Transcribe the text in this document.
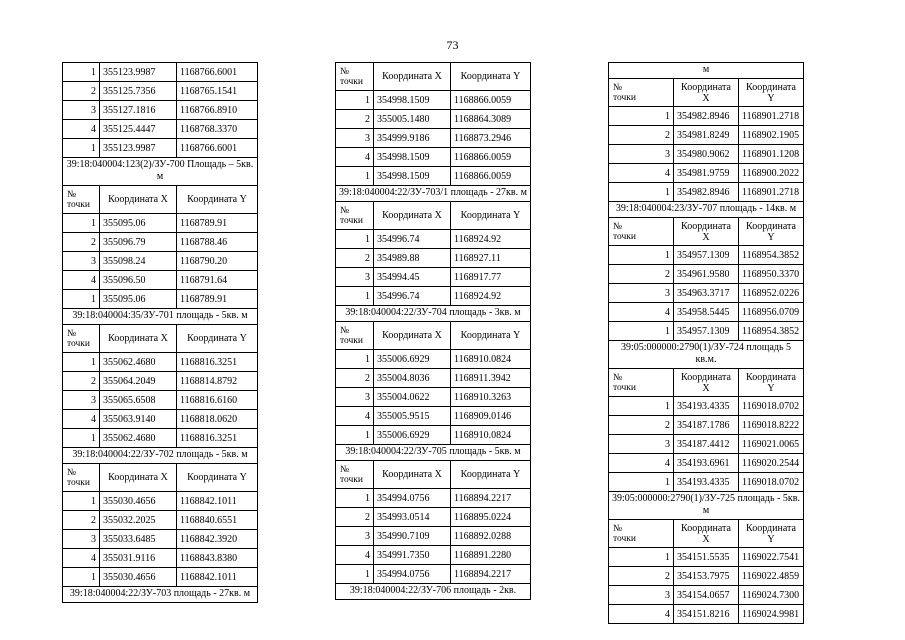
73
1	355123.9987	1168766.6001
2	355125.7356	1168765.1541
3	355127.1816	1168766.8910
4	355125.4447	1168768.3370
1	355123.9987	1168766.6001
39:18:040004:123(2)/ЗУ-700 Площадь – 5кв. м		
№
точки	Координата X	Координата Y
1	355095.06	1168789.91
2	355096.79	1168788.46
3	355098.24	1168790.20
4	355096.50	1168791.64
1	355095.06	1168789.91
39:18:040004:35/ЗУ-701 площадь - 5кв. м		
№
точки	Координата X	Координата Y
1	355062.4680	1168816.3251
2	355064.2049	1168814.8792
3	355065.6508	1168816.6160
4	355063.9140	1168818.0620
1	355062.4680	1168816.3251
39:18:040004:22/ЗУ-702 площадь - 5кв. м		
№
точки	Координата X	Координата Y
1	355030.4656	1168842.1011
2	355032.2025	1168840.6551
3	355033.6485	1168842.3920
4	355031.9116	1168843.8380
1	355030.4656	1168842.1011
39:18:040004:22/ЗУ-703 площадь - 27кв. м		
№
точки	Координата X	Координата Y
1	354998.1509	1168866.0059
2	355005.1480	1168864.3089
3	354999.9186	1168873.2946
4	354998.1509	1168866.0059
1	354998.1509	1168866.0059
39:18:040004:22/ЗУ-703/1 площадь - 27кв. м		
№
точки	Координата X	Координата Y
1	354996.74	1168924.92
2	354989.88	1168927.11
3	354994.45	1168917.77
1	354996.74	1168924.92
39:18:040004:22/ЗУ-704 площадь - 3кв. м		
№
точки	Координата X	Координата Y
1	355006.6929	1168910.0824
2	355004.8036	1168911.3942
3	355004.0622	1168910.3263
4	355005.9515	1168909.0146
1	355006.6929	1168910.0824
39:18:040004:22/ЗУ-705 площадь - 5кв. м		
№
точки	Координата X	Координата Y
1	354994.0756	1168894.2217
2	354993.0514	1168895.0224
3	354990.7109	1168892.0288
4	354991.7350	1168891.2280
1	354994.0756	1168894.2217
39:18:040004:22/ЗУ-706 площадь - 2кв.		
м		
№
точки	Координата X	Координата Y
1	354982.8946	1168901.2718
2	354981.8249	1168902.1905
3	354980.9062	1168901.1208
4	354981.9759	1168900.2022
1	354982.8946	1168901.2718
39:18:040004:23/ЗУ-707 площадь - 14кв. м		
№
точки	Координата X	Координата Y
1	354957.1309	1168954.3852
2	354961.9580	1168950.3370
3	354963.3717	1168952.0226
4	354958.5445	1168956.0709
1	354957.1309	1168954.3852
39:05:000000:2790(1)/ЗУ-724 площадь 5 кв.м.		
№
точки	Координата X	Координата Y
1	354193.4335	1169018.0702
2	354187.1786	1169018.8222
3	354187.4412	1169021.0065
4	354193.6961	1169020.2544
1	354193.4335	1169018.0702
39:05:000000:2790(1)/ЗУ-725 площадь - 5кв. м		
№
точки	Координата X	Координата Y
1	354151.5535	1169022.7541
2	354153.7975	1169022.4859
3	354154.0657	1169024.7300
4	354151.8216	1169024.9981
